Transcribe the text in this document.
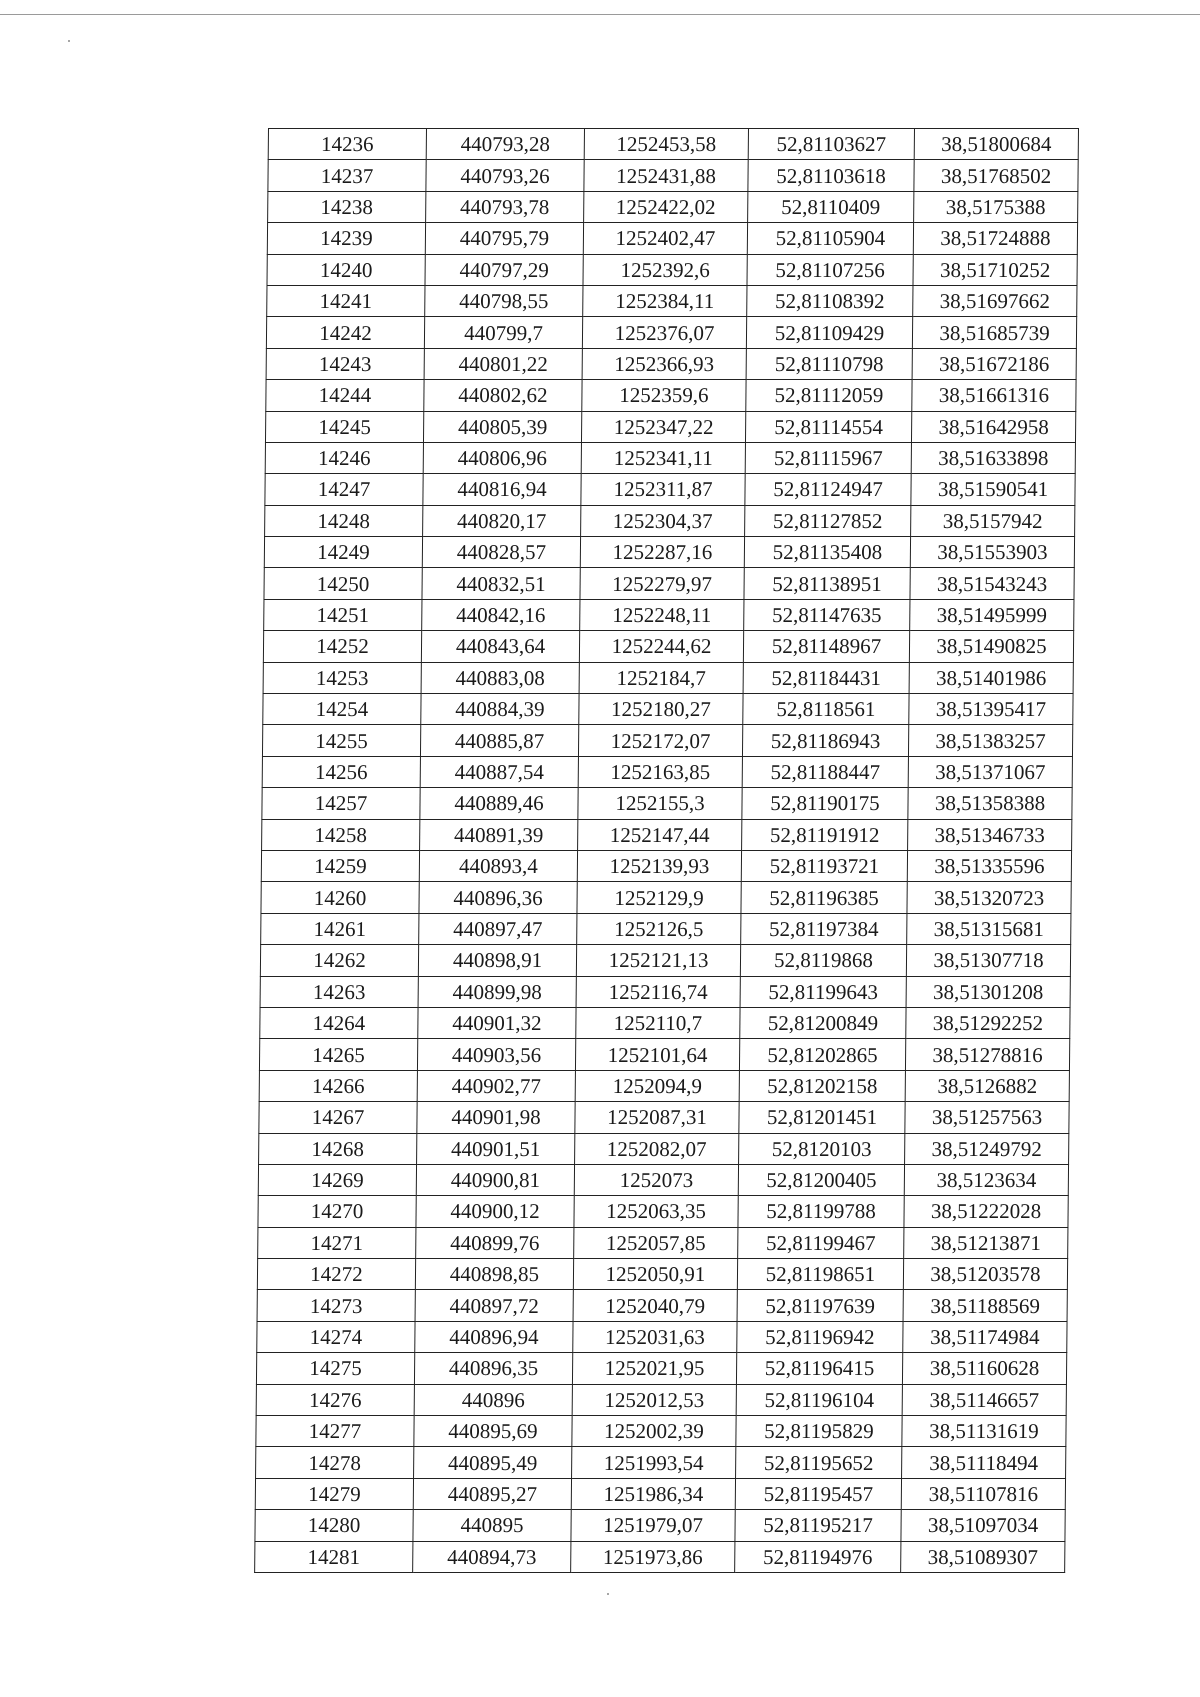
14236	440793,28	1252453,58	52,81103627	38,51800684
14237	440793,26	1252431,88	52,81103618	38,51768502
14238	440793,78	1252422,02	52,8110409	38,5175388
14239	440795,79	1252402,47	52,81105904	38,51724888
14240	440797,29	1252392,6	52,81107256	38,51710252
14241	440798,55	1252384,11	52,81108392	38,51697662
14242	440799,7	1252376,07	52,81109429	38,51685739
14243	440801,22	1252366,93	52,81110798	38,51672186
14244	440802,62	1252359,6	52,81112059	38,51661316
14245	440805,39	1252347,22	52,81114554	38,51642958
14246	440806,96	1252341,11	52,81115967	38,51633898
14247	440816,94	1252311,87	52,81124947	38,51590541
14248	440820,17	1252304,37	52,81127852	38,5157942
14249	440828,57	1252287,16	52,81135408	38,51553903
14250	440832,51	1252279,97	52,81138951	38,51543243
14251	440842,16	1252248,11	52,81147635	38,51495999
14252	440843,64	1252244,62	52,81148967	38,51490825
14253	440883,08	1252184,7	52,81184431	38,51401986
14254	440884,39	1252180,27	52,8118561	38,51395417
14255	440885,87	1252172,07	52,81186943	38,51383257
14256	440887,54	1252163,85	52,81188447	38,51371067
14257	440889,46	1252155,3	52,81190175	38,51358388
14258	440891,39	1252147,44	52,81191912	38,51346733
14259	440893,4	1252139,93	52,81193721	38,51335596
14260	440896,36	1252129,9	52,81196385	38,51320723
14261	440897,47	1252126,5	52,81197384	38,51315681
14262	440898,91	1252121,13	52,8119868	38,51307718
14263	440899,98	1252116,74	52,81199643	38,51301208
14264	440901,32	1252110,7	52,81200849	38,51292252
14265	440903,56	1252101,64	52,81202865	38,51278816
14266	440902,77	1252094,9	52,81202158	38,5126882
14267	440901,98	1252087,31	52,81201451	38,51257563
14268	440901,51	1252082,07	52,8120103	38,51249792
14269	440900,81	1252073	52,81200405	38,5123634
14270	440900,12	1252063,35	52,81199788	38,51222028
14271	440899,76	1252057,85	52,81199467	38,51213871
14272	440898,85	1252050,91	52,81198651	38,51203578
14273	440897,72	1252040,79	52,81197639	38,51188569
14274	440896,94	1252031,63	52,81196942	38,51174984
14275	440896,35	1252021,95	52,81196415	38,51160628
14276	440896	1252012,53	52,81196104	38,51146657
14277	440895,69	1252002,39	52,81195829	38,51131619
14278	440895,49	1251993,54	52,81195652	38,51118494
14279	440895,27	1251986,34	52,81195457	38,51107816
14280	440895	1251979,07	52,81195217	38,51097034
14281	440894,73	1251973,86	52,81194976	38,51089307
